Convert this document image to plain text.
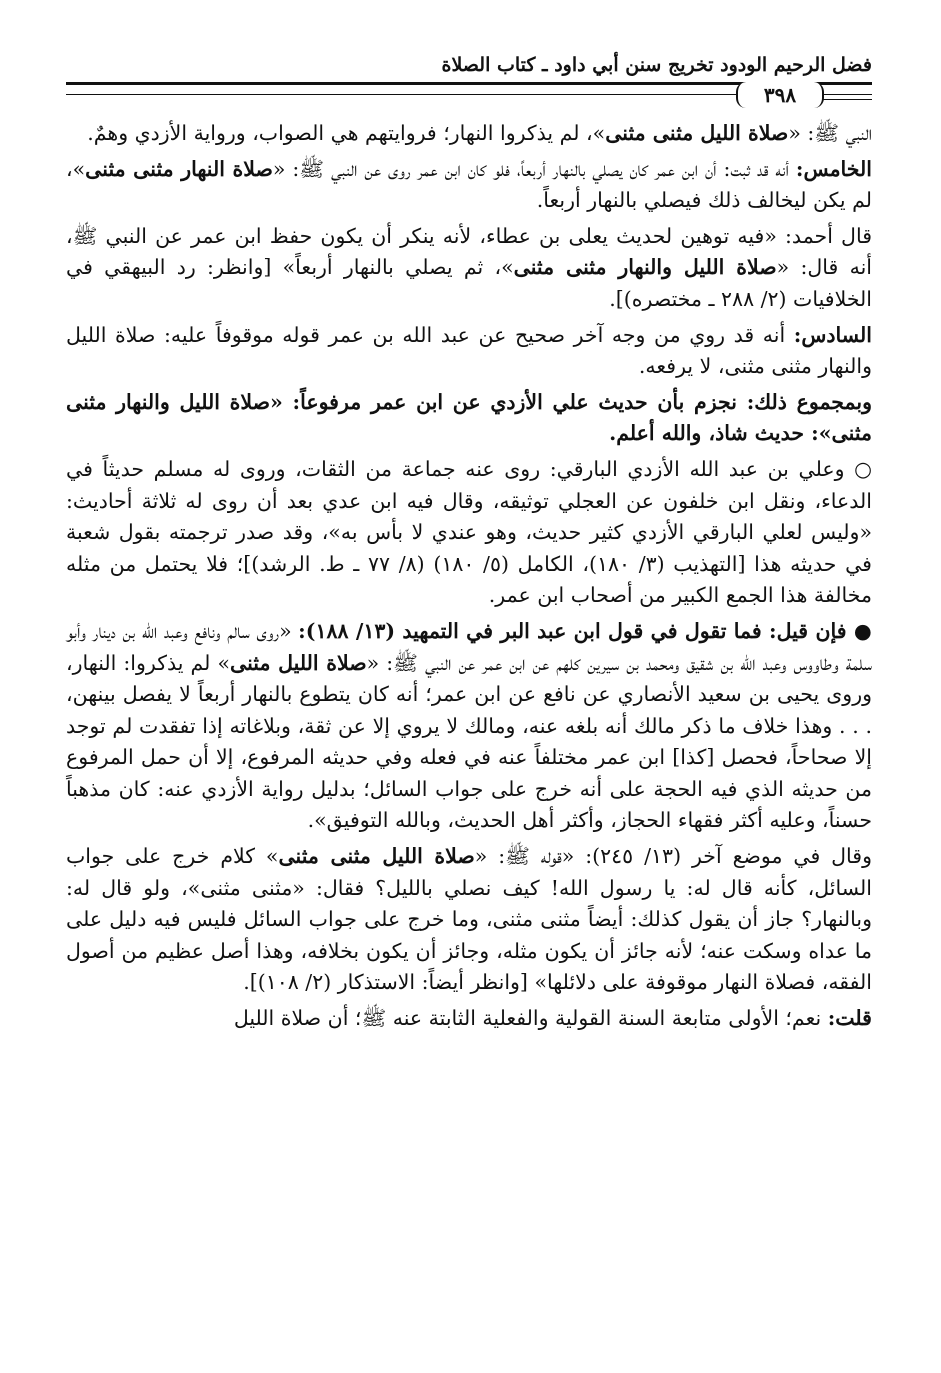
فضل الرحيم الودود تخريج سنن أبي داود ـ كتاب الصلاة
٣٩٨

النبي ﷺ: «صلاة الليل مثنى مثنى»، لم يذكروا النهار؛ فروايتهم هي الصواب، ورواية الأزدي وهمٌ.

الخامس: أنه قد ثبت: أن ابن عمر كان يصلي بالنهار أربعاً، فلو كان ابن عمر روى عن النبي ﷺ: «صلاة النهار مثنى مثنى»، لم يكن ليخالف ذلك فيصلي بالنهار أربعاً.

قال أحمد: «فيه توهين لحديث يعلى بن عطاء، لأنه ينكر أن يكون حفظ ابن عمر عن النبي ﷺ، أنه قال: «صلاة الليل والنهار مثنى مثنى»، ثم يصلي بالنهار أربعاً» [وانظر: رد البيهقي في الخلافيات (٢/ ٢٨٨ ـ مختصره)].

السادس: أنه قد روي من وجه آخر صحيح عن عبد الله بن عمر قوله موقوفاً عليه: صلاة الليل والنهار مثنى مثنى، لا يرفعه.

وبمجموع ذلك: نجزم بأن حديث علي الأزدي عن ابن عمر مرفوعاً: «صلاة الليل والنهار مثنى مثنى»: حديث شاذ، والله أعلم.

○ وعلي بن عبد الله الأزدي البارقي: روى عنه جماعة من الثقات، وروى له مسلم حديثاً في الدعاء، ونقل ابن خلفون عن العجلي توثيقه، وقال فيه ابن عدي بعد أن روى له ثلاثة أحاديث: «وليس لعلي البارقي الأزدي كثير حديث، وهو عندي لا بأس به»، وقد صدر ترجمته بقول شعبة في حديثه هذا [التهذيب (٣/ ١٨٠)، الكامل (٥/ ١٨٠) (٨/ ٧٧ ـ ط. الرشد)]؛ فلا يحتمل من مثله مخالفة هذا الجمع الكبير من أصحاب ابن عمر.

● فإن قيل: فما تقول في قول ابن عبد البر في التمهيد (١٣/ ١٨٨): «روى سالم ونافع وعبد الله بن دينار وأبو سلمة وطاووس وعبد الله بن شقيق ومحمد بن سيرين كلهم عن ابن عمر عن النبي ﷺ: «صلاة الليل مثنى» لم يذكروا: النهار، وروى يحيى بن سعيد الأنصاري عن نافع عن ابن عمر؛ أنه كان يتطوع بالنهار أربعاً لا يفصل بينهن، . . . وهذا خلاف ما ذكر مالك أنه بلغه عنه، ومالك لا يروي إلا عن ثقة، وبلاغاته إذا تفقدت لم توجد إلا صحاحاً، فحصل [كذا] ابن عمر مختلفاً عنه في فعله وفي حديثه المرفوع، إلا أن حمل المرفوع من حديثه الذي فيه الحجة على أنه خرج على جواب السائل؛ بدليل رواية الأزدي عنه: كان مذهباً حسناً، وعليه أكثر فقهاء الحجاز، وأكثر أهل الحديث، وبالله التوفيق».

وقال في موضع آخر (١٣/ ٢٤٥): «قوله ﷺ: «صلاة الليل مثنى مثنى» كلام خرج على جواب السائل، كأنه قال له: يا رسول الله! كيف نصلي بالليل؟ فقال: «مثنى مثنى»، ولو قال له: وبالنهار؟ جاز أن يقول كذلك: أيضاً مثنى مثنى، وما خرج على جواب السائل فليس فيه دليل على ما عداه وسكت عنه؛ لأنه جائز أن يكون مثله، وجائز أن يكون بخلافه، وهذا أصل عظيم من أصول الفقه، فصلاة النهار موقوفة على دلائلها» [وانظر أيضاً: الاستذكار (٢/ ١٠٨)].

قلت: نعم؛ الأولى متابعة السنة القولية والفعلية الثابتة عنه ﷺ؛ أن صلاة الليل
